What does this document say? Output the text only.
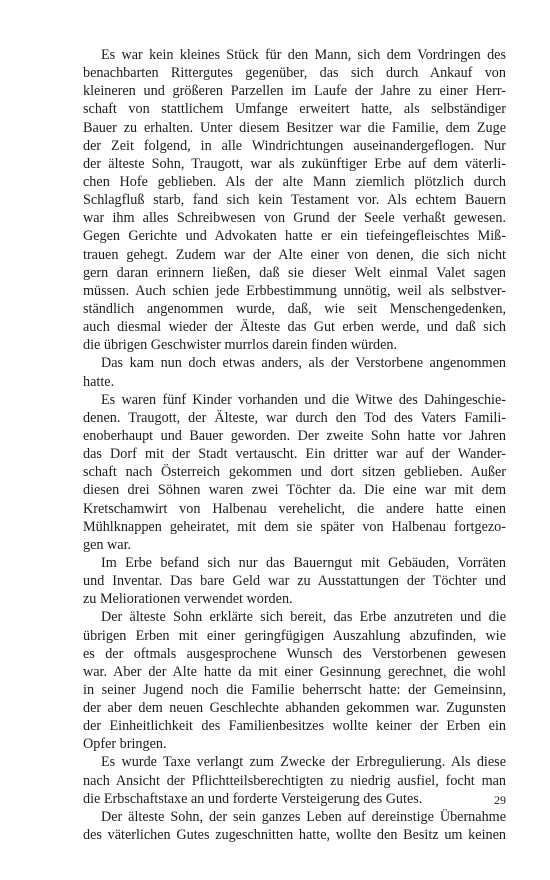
Es war kein kleines Stück für den Mann, sich dem Vordringen des
benachbarten Rittergutes gegenüber, das sich durch Ankauf von
kleineren und größeren Parzellen im Laufe der Jahre zu einer Herr-
schaft von stattlichem Umfange erweitert hatte, als selbständiger
Bauer zu erhalten. Unter diesem Besitzer war die Familie, dem Zuge
der Zeit folgend, in alle Windrichtungen auseinandergeflogen. Nur
der älteste Sohn, Traugott, war als zukünftiger Erbe auf dem väterli-
chen Hofe geblieben. Als der alte Mann ziemlich plötzlich durch
Schlagfluß starb, fand sich kein Testament vor. Als echtem Bauern
war ihm alles Schreibwesen von Grund der Seele verhaßt gewesen.
Gegen Gerichte und Advokaten hatte er ein tiefeingefleischtes Miß-
trauen gehegt. Zudem war der Alte einer von denen, die sich nicht
gern daran erinnern ließen, daß sie dieser Welt einmal Valet sagen
müssen. Auch schien jede Erbbestimmung unnötig, weil als selbstver-
ständlich angenommen wurde, daß, wie seit Menschengedenken,
auch diesmal wieder der Älteste das Gut erben werde, und daß sich
die übrigen Geschwister murrlos darein finden würden.
Das kam nun doch etwas anders, als der Verstorbene angenommen
hatte.
Es waren fünf Kinder vorhanden und die Witwe des Dahingeschie-
denen. Traugott, der Älteste, war durch den Tod des Vaters Famili-
enoberhaupt und Bauer geworden. Der zweite Sohn hatte vor Jahren
das Dorf mit der Stadt vertauscht. Ein dritter war auf der Wander-
schaft nach Österreich gekommen und dort sitzen geblieben. Außer
diesen drei Söhnen waren zwei Töchter da. Die eine war mit dem
Kretschamwirt von Halbenau verehelicht, die andere hatte einen
Mühlknappen geheiratet, mit dem sie später von Halbenau fortgezo-
gen war.
Im Erbe befand sich nur das Bauerngut mit Gebäuden, Vorräten
und Inventar. Das bare Geld war zu Ausstattungen der Töchter und
zu Meliorationen verwendet worden.
Der älteste Sohn erklärte sich bereit, das Erbe anzutreten und die
übrigen Erben mit einer geringfügigen Auszahlung abzufinden, wie
es der oftmals ausgesprochene Wunsch des Verstorbenen gewesen
war. Aber der Alte hatte da mit einer Gesinnung gerechnet, die wohl
in seiner Jugend noch die Familie beherrscht hatte: der Gemeinsinn,
der aber dem neuen Geschlechte abhanden gekommen war. Zugunsten
der Einheitlichkeit des Familienbesitzes wollte keiner der Erben ein
Opfer bringen.
Es wurde Taxe verlangt zum Zwecke der Erbregulierung. Als diese
nach Ansicht der Pflichtteilsberechtigten zu niedrig ausfiel, focht man
die Erbschaftstaxe an und forderte Versteigerung des Gutes.
Der älteste Sohn, der sein ganzes Leben auf dereinstige Übernahme
des väterlichen Gutes zugeschnitten hatte, wollte den Besitz um keinen
29
